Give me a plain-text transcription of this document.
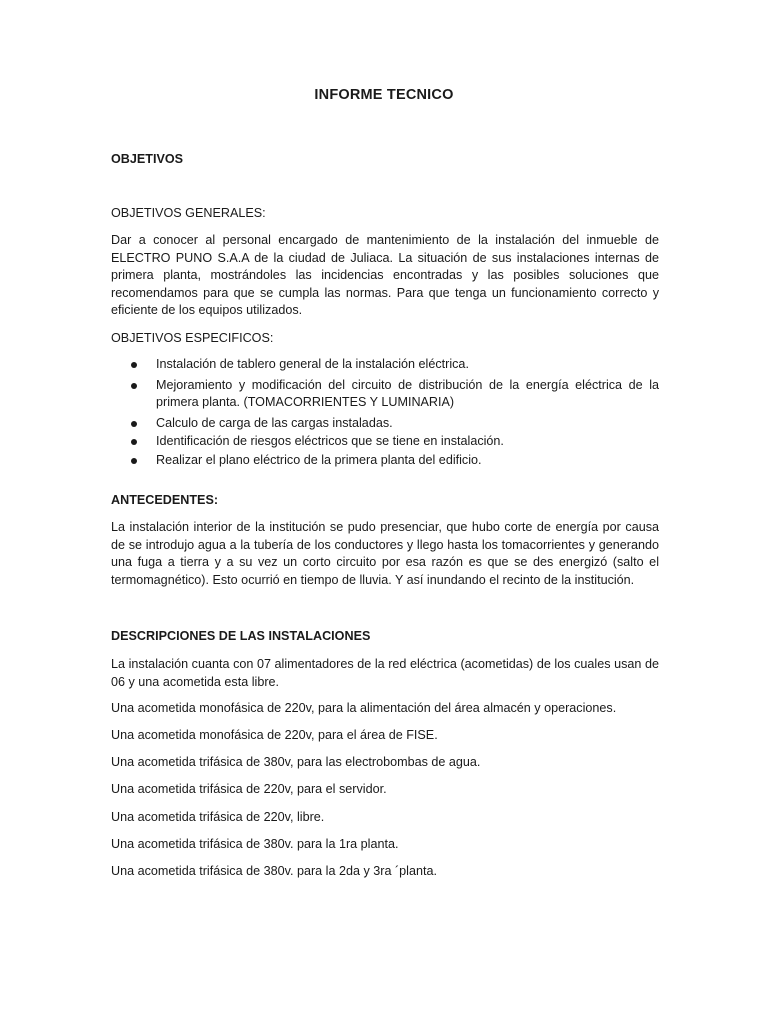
INFORME TECNICO
OBJETIVOS
OBJETIVOS GENERALES:

Dar a conocer al personal encargado de mantenimiento de la instalación del inmueble de ELECTRO PUNO S.A.A de la ciudad de Juliaca. La situación de sus instalaciones internas de primera planta, mostrándoles las incidencias encontradas y las posibles soluciones que recomendamos para que se cumpla las normas. Para que tenga un funcionamiento correcto y eficiente de los equipos utilizados.

OBJETIVOS ESPECIFICOS:
Instalación de tablero general de la instalación eléctrica.
Mejoramiento y modificación del circuito de distribución de la energía eléctrica de la primera planta. (TOMACORRIENTES Y LUMINARIA)
Calculo de carga de las cargas instaladas.
Identificación de riesgos eléctricos que se tiene en instalación.
Realizar el plano eléctrico de la primera planta del edificio.
ANTECEDENTES:

La instalación interior de la institución se pudo presenciar, que hubo corte de energía por causa de se introdujo agua a la tubería de los conductores y llego hasta los tomacorrientes y generando una fuga a tierra y a su vez un corto circuito por esa razón es que se des energizó (salto el termomagnético). Esto ocurrió en tiempo de lluvia. Y así inundando el recinto de la institución.

DESCRIPCIONES DE LAS INSTALACIONES

La instalación cuanta con 07 alimentadores de la red eléctrica (acometidas) de los cuales usan de 06 y una acometida esta libre.

Una acometida monofásica de 220v, para la alimentación del área almacén y operaciones.

Una acometida monofásica de 220v, para el área de FISE.

Una acometida trifásica de 380v, para las electrobombas de agua.

Una acometida trifásica de 220v, para el servidor.

Una acometida trifásica de 220v, libre.

Una acometida trifásica de 380v. para la 1ra planta.

Una acometida trifásica de 380v. para la 2da y 3ra ´planta.
